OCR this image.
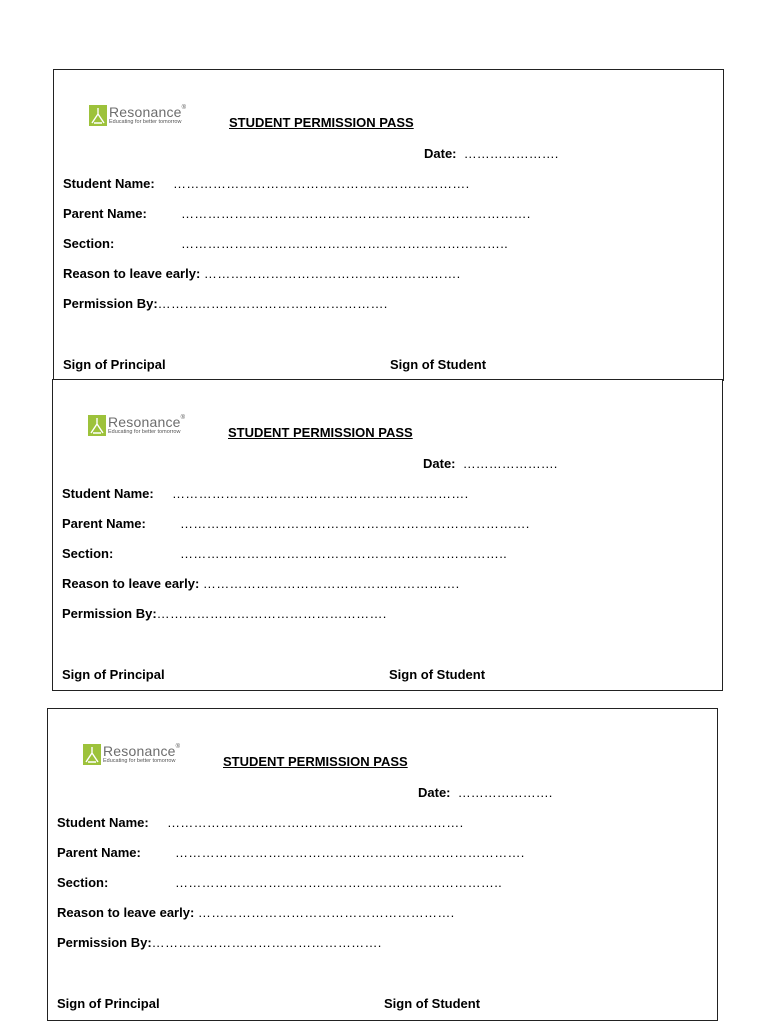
Resonance®
Educating for better tomorrow	STUDENT PERMISSION PASS
Date: ………………….
Student Name: ………………………………………………………….
Parent Name:	…………………………………………………………………….
Section:	………………………………………………………………..
Reason to leave early: ………………………………………………….
Permission By:…………………………………………….
Sign of Principal	Sign of Student
Resonance®
Educating for better tomorrow	STUDENT PERMISSION PASS
Date: ………………….
Student Name: ………………………………………………………….
Parent Name:	…………………………………………………………………….
Section:	………………………………………………………………..
Reason to leave early: ………………………………………………….
Permission By:…………………………………………….
Sign of Principal	Sign of Student
Resonance®
Educating for better tomorrow	STUDENT PERMISSION PASS
Date: ………………….
Student Name: ………………………………………………………….
Parent Name:	…………………………………………………………………….
Section:	………………………………………………………………..
Reason to leave early: ………………………………………………….
Permission By:…………………………………………….
Sign of Principal	Sign of Student
